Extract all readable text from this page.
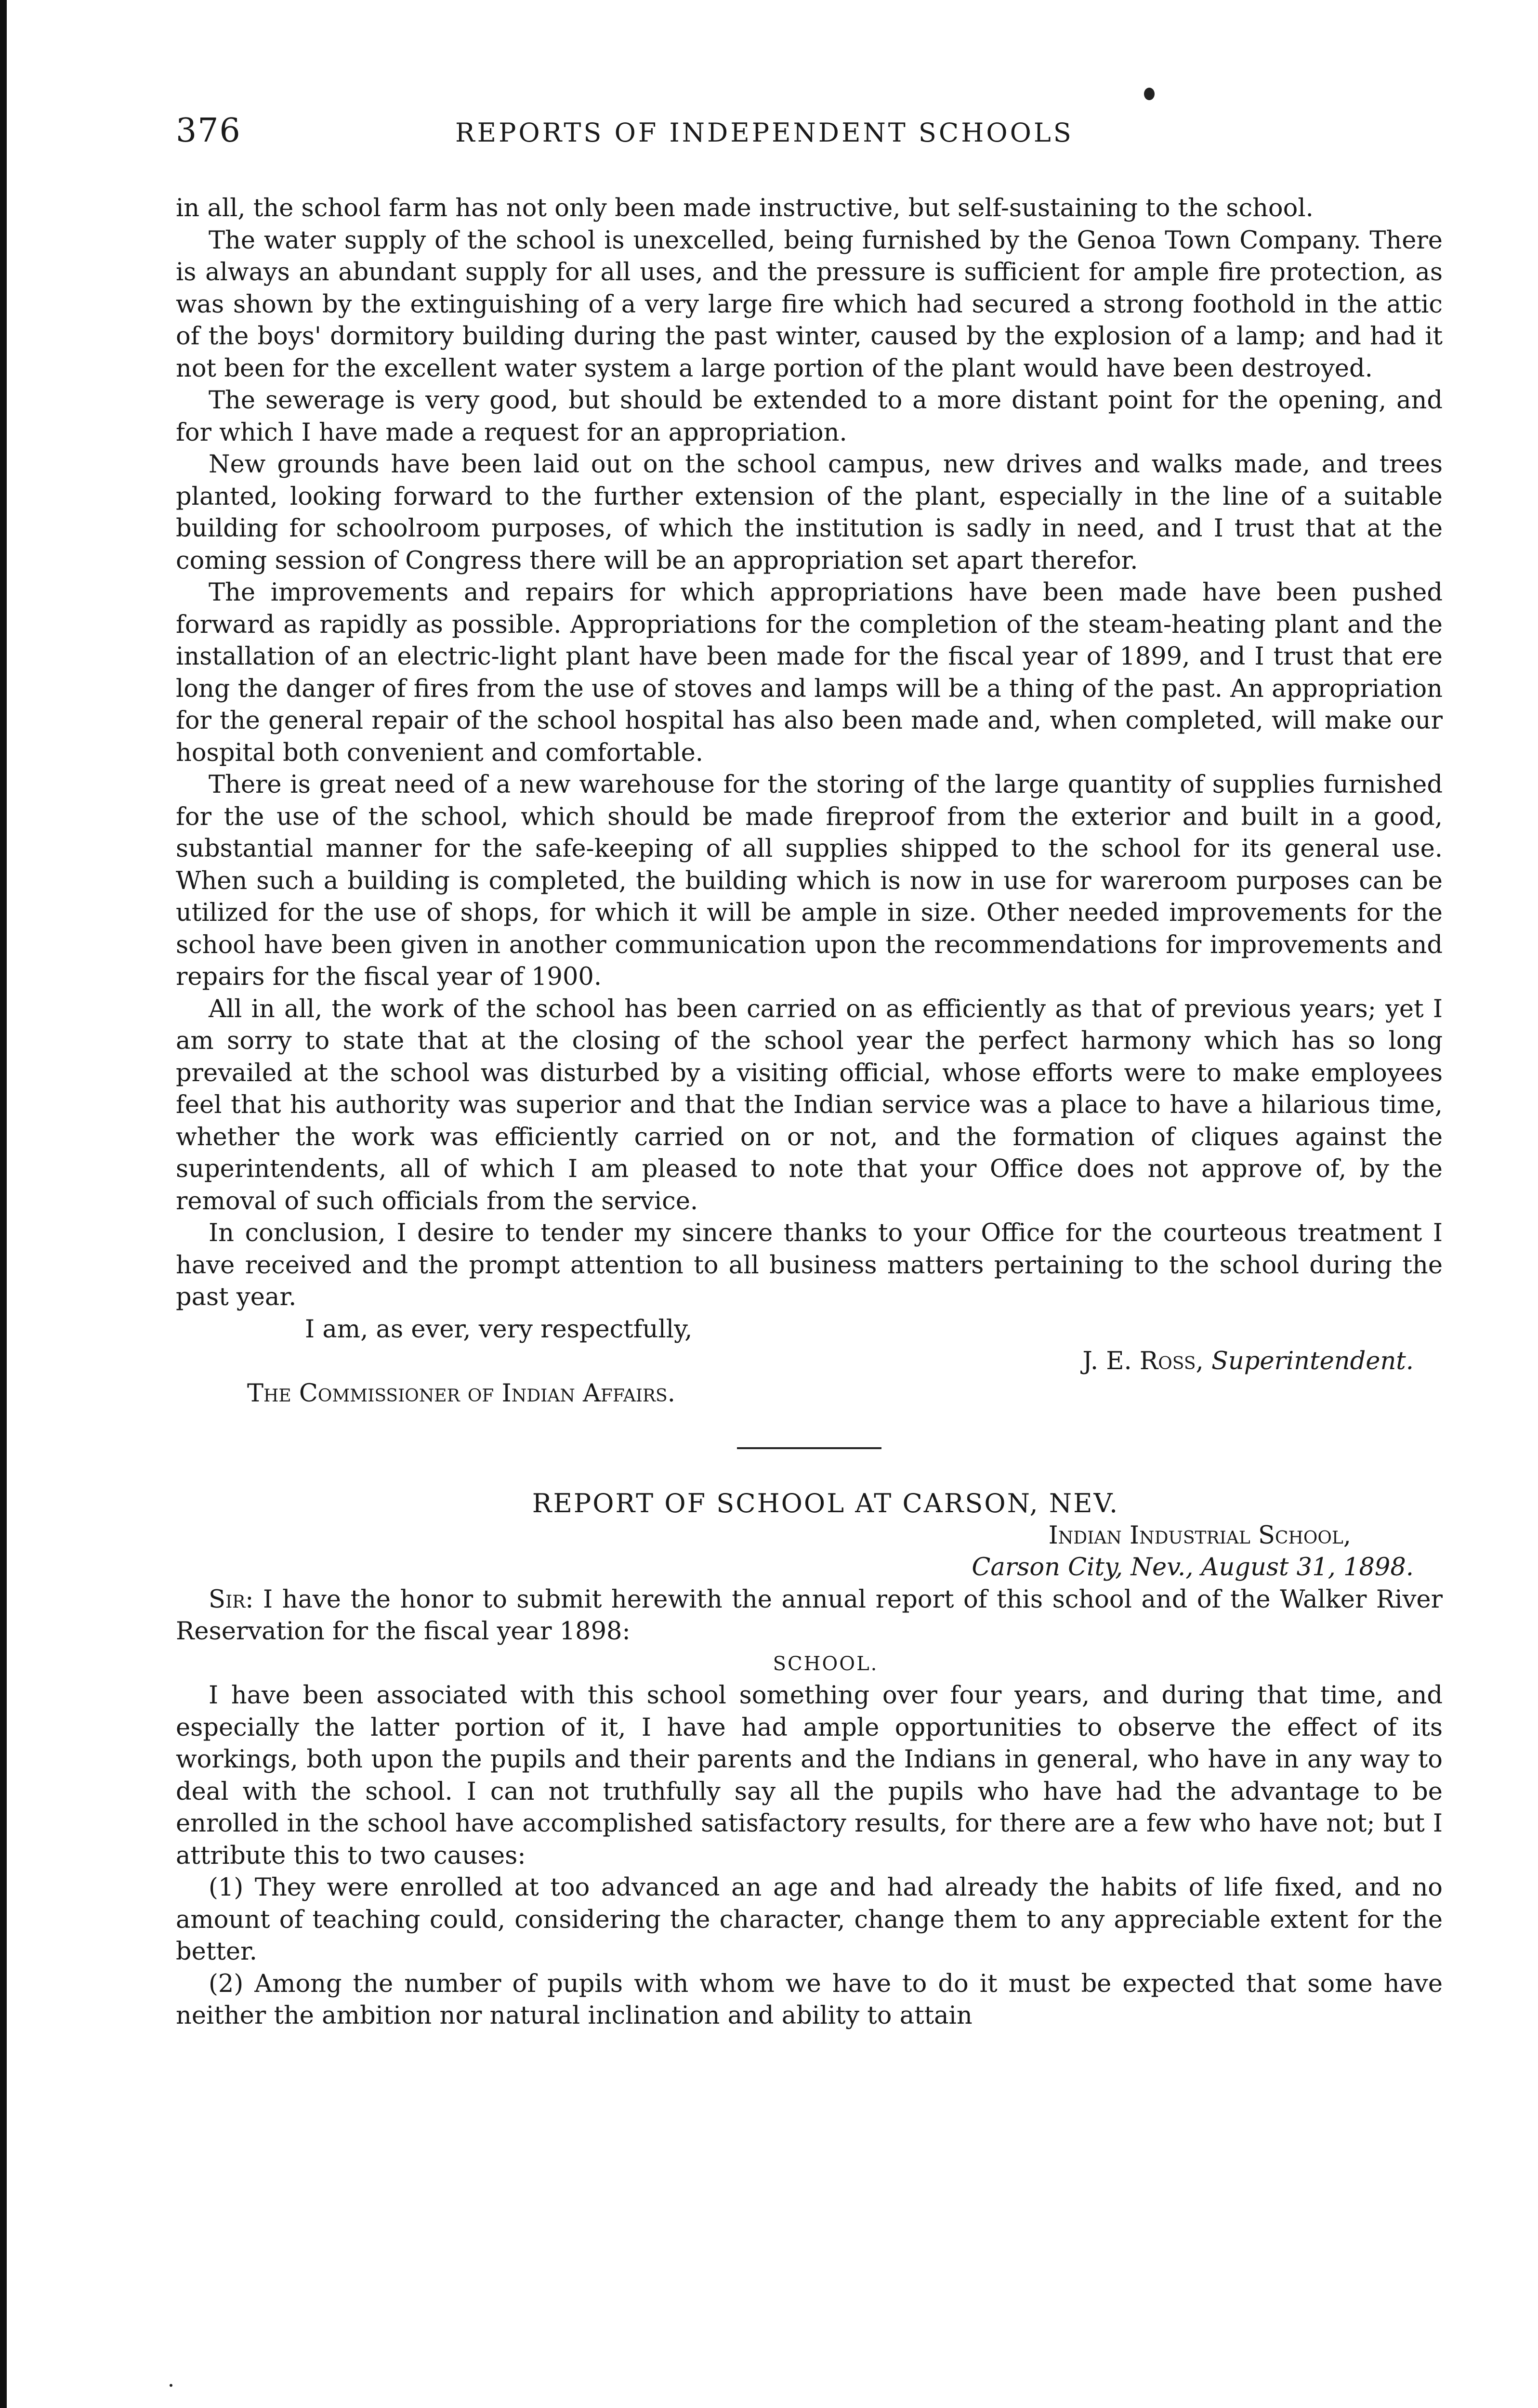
376	REPORTS OF INDEPENDENT SCHOOLS

in all, the school farm has not only been made instructive, but self-sustaining to the school.

The water supply of the school is unexcelled, being furnished by the Genoa Town Company. There is always an abundant supply for all uses, and the pressure is sufficient for ample fire protection, as was shown by the extinguishing of a very large fire which had secured a strong foothold in the attic of the boys' dormitory building during the past winter, caused by the explosion of a lamp; and had it not been for the excellent water system a large portion of the plant would have been destroyed.

The sewerage is very good, but should be extended to a more distant point for the opening, and for which I have made a request for an appropriation.

New grounds have been laid out on the school campus, new drives and walks made, and trees planted, looking forward to the further extension of the plant, especially in the line of a suitable building for schoolroom purposes, of which the institution is sadly in need, and I trust that at the coming session of Congress there will be an appropriation set apart therefor.

The improvements and repairs for which appropriations have been made have been pushed forward as rapidly as possible. Appropriations for the completion of the steam-heating plant and the installation of an electric-light plant have been made for the fiscal year of 1899, and I trust that ere long the danger of fires from the use of stoves and lamps will be a thing of the past. An appropriation for the general repair of the school hospital has also been made and, when completed, will make our hospital both convenient and comfortable.

There is great need of a new warehouse for the storing of the large quantity of supplies furnished for the use of the school, which should be made fireproof from the exterior and built in a good, substantial manner for the safe-keeping of all supplies shipped to the school for its general use. When such a building is completed, the building which is now in use for wareroom purposes can be utilized for the use of shops, for which it will be ample in size. Other needed improvements for the school have been given in another communication upon the recommendations for improvements and repairs for the fiscal year of 1900.

All in all, the work of the school has been carried on as efficiently as that of previous years; yet I am sorry to state that at the closing of the school year the perfect harmony which has so long prevailed at the school was disturbed by a visiting official, whose efforts were to make employees feel that his authority was superior and that the Indian service was a place to have a hilarious time, whether the work was efficiently carried on or not, and the formation of cliques against the superintendents, all of which I am pleased to note that your Office does not approve of, by the removal of such officials from the service.

In conclusion, I desire to tender my sincere thanks to your Office for the courteous treatment I have received and the prompt attention to all business matters pertaining to the school during the past year.

I am, as ever, very respectfully,

J. E. Ross, Superintendent.

The Commissioner of Indian Affairs.

REPORT OF SCHOOL AT CARSON, NEV.

Indian Industrial School,

Carson City, Nev., August 31, 1898.

Sir: I have the honor to submit herewith the annual report of this school and of the Walker River Reservation for the fiscal year 1898:

SCHOOL.

I have been associated with this school something over four years, and during that time, and especially the latter portion of it, I have had ample opportunities to observe the effect of its workings, both upon the pupils and their parents and the Indians in general, who have in any way to deal with the school. I can not truthfully say all the pupils who have had the advantage to be enrolled in the school have accomplished satisfactory results, for there are a few who have not; but I attribute this to two causes:

(1) They were enrolled at too advanced an age and had already the habits of life fixed, and no amount of teaching could, considering the character, change them to any appreciable extent for the better.

(2) Among the number of pupils with whom we have to do it must be expected that some have neither the ambition nor natural inclination and ability to attain
